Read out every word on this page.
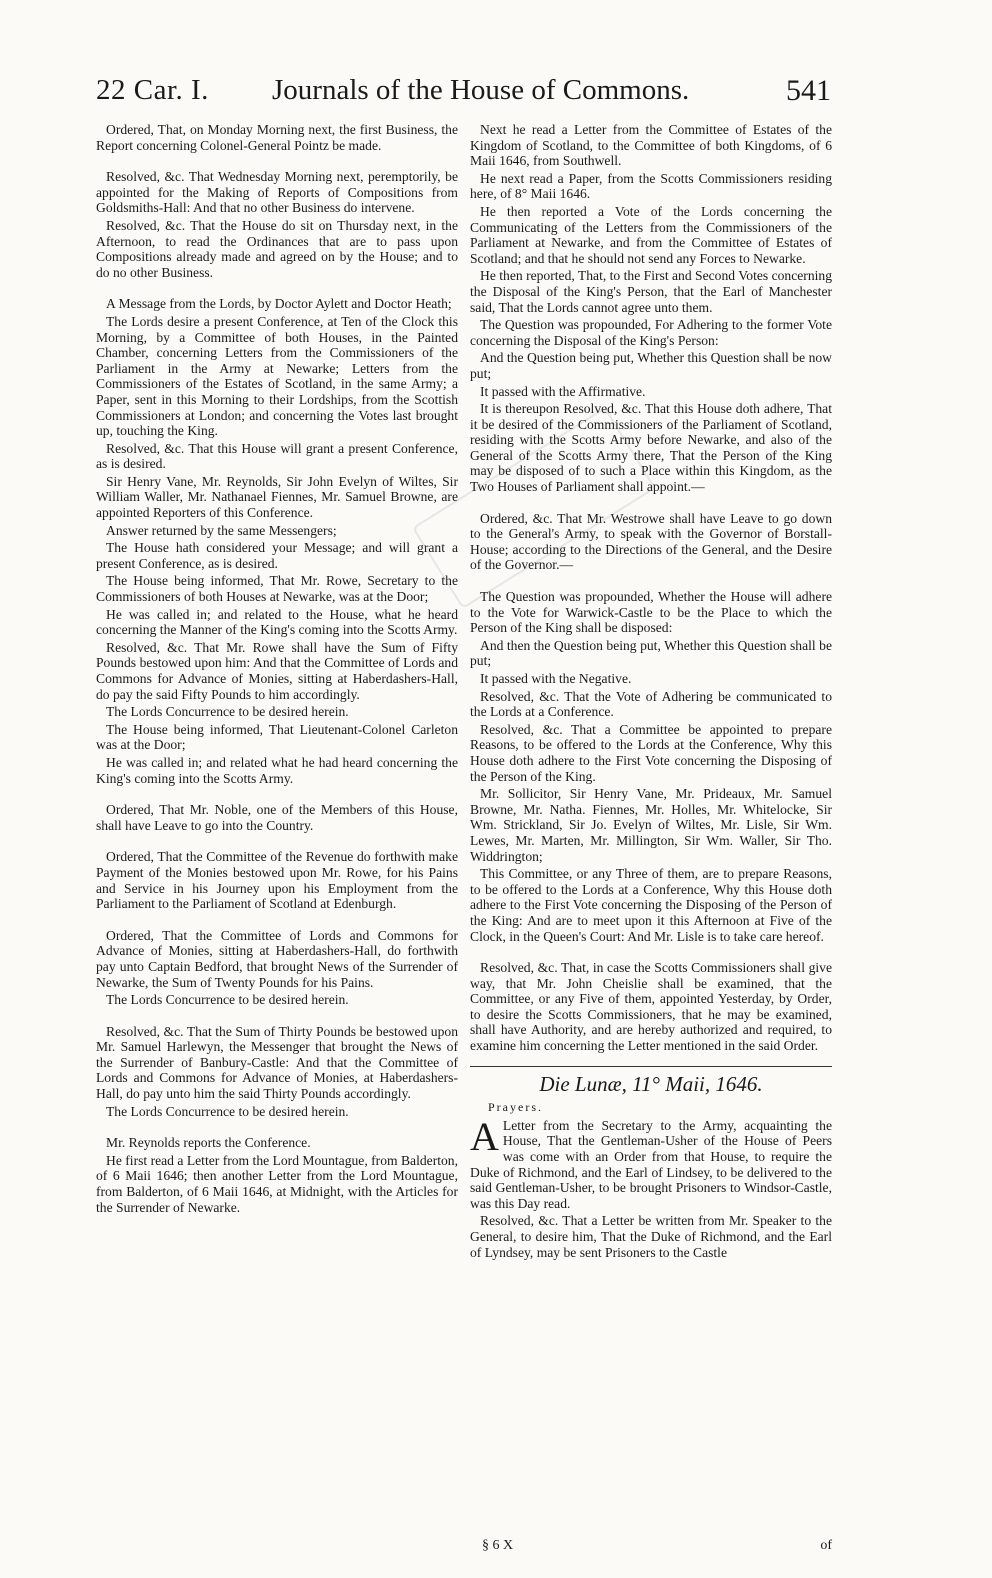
22 Car. I. Journals of the House of Commons.	541

Ordered, That, on Monday Morning next, the first Business, the Report concerning Colonel-General Pointz be made.

Resolved, &c. That Wednesday Morning next, peremptorily, be appointed for the Making of Reports of Compositions from Goldsmiths-Hall: And that no other Business do intervene.

Resolved, &c. That the House do sit on Thursday next, in the Afternoon, to read the Ordinances that are to pass upon Compositions already made and agreed on by the House; and to do no other Business.

A Message from the Lords, by Doctor Aylett and Doctor Heath;

The Lords desire a present Conference, at Ten of the Clock this Morning, by a Committee of both Houses, in the Painted Chamber, concerning Letters from the Commissioners of the Parliament in the Army at Newarke; Letters from the Commissioners of the Estates of Scotland, in the same Army; a Paper, sent in this Morning to their Lordships, from the Scottish Commissioners at London; and concerning the Votes last brought up, touching the King.

Resolved, &c. That this House will grant a present Conference, as is desired.

Sir Henry Vane, Mr. Reynolds, Sir John Evelyn of Wiltes, Sir William Waller, Mr. Nathanael Fiennes, Mr. Samuel Browne, are appointed Reporters of this Conference.

Answer returned by the same Messengers;

The House hath considered your Message; and will grant a present Conference, as is desired.

The House being informed, That Mr. Rowe, Secretary to the Commissioners of both Houses at Newarke, was at the Door;

He was called in; and related to the House, what he heard concerning the Manner of the King's coming into the Scotts Army.

Resolved, &c. That Mr. Rowe shall have the Sum of Fifty Pounds bestowed upon him: And that the Committee of Lords and Commons for Advance of Monies, sitting at Haberdashers-Hall, do pay the said Fifty Pounds to him accordingly.

The Lords Concurrence to be desired herein.

The House being informed, That Lieutenant-Colonel Carleton was at the Door;

He was called in; and related what he had heard concerning the King's coming into the Scotts Army.

Ordered, That Mr. Noble, one of the Members of this House, shall have Leave to go into the Country.

Ordered, That the Committee of the Revenue do forthwith make Payment of the Monies bestowed upon Mr. Rowe, for his Pains and Service in his Journey upon his Employment from the Parliament to the Parliament of Scotland at Edenburgh.

Ordered, That the Committee of Lords and Commons for Advance of Monies, sitting at Haberdashers-Hall, do forthwith pay unto Captain Bedford, that brought News of the Surrender of Newarke, the Sum of Twenty Pounds for his Pains.

The Lords Concurrence to be desired herein.

Resolved, &c. That the Sum of Thirty Pounds be bestowed upon Mr. Samuel Harlewyn, the Messenger that brought the News of the Surrender of Banbury-Castle: And that the Committee of Lords and Commons for Advance of Monies, at Haberdashers-Hall, do pay unto him the said Thirty Pounds accordingly.

The Lords Concurrence to be desired herein.

Mr. Reynolds reports the Conference.

He first read a Letter from the Lord Mountague, from Balderton, of 6 Maii 1646; then another Letter from the Lord Mountague, from Balderton, of 6 Maii 1646, at Midnight, with the Articles for the Surrender of Newarke.

Next he read a Letter from the Committee of Estates of the Kingdom of Scotland, to the Committee of both Kingdoms, of 6 Maii 1646, from Southwell.

He next read a Paper, from the Scotts Commissioners residing here, of 8° Maii 1646.

He then reported a Vote of the Lords concerning the Communicating of the Letters from the Commissioners of the Parliament at Newarke, and from the Committee of Estates of Scotland; and that he should not send any Forces to Newarke.

He then reported, That, to the First and Second Votes concerning the Disposal of the King's Person, that the Earl of Manchester said, That the Lords cannot agree unto them.

The Question was propounded, For Adhering to the former Vote concerning the Disposal of the King's Person:

And the Question being put, Whether this Question shall be now put;

It passed with the Affirmative.

It is thereupon Resolved, &c. That this House doth adhere, That it be desired of the Commissioners of the Parliament of Scotland, residing with the Scotts Army before Newarke, and also of the General of the Scotts Army there, That the Person of the King may be disposed of to such a Place within this Kingdom, as the Two Houses of Parliament shall appoint.—

Ordered, &c. That Mr. Westrowe shall have Leave to go down to the General's Army, to speak with the Governor of Borstall-House; according to the Directions of the General, and the Desire of the Governor.—

The Question was propounded, Whether the House will adhere to the Vote for Warwick-Castle to be the Place to which the Person of the King shall be disposed:

And then the Question being put, Whether this Question shall be put;

It passed with the Negative.

Resolved, &c. That the Vote of Adhering be communicated to the Lords at a Conference.

Resolved, &c. That a Committee be appointed to prepare Reasons, to be offered to the Lords at the Conference, Why this House doth adhere to the First Vote concerning the Disposing of the Person of the King.

Mr. Sollicitor, Sir Henry Vane, Mr. Prideaux, Mr. Samuel Browne, Mr. Natha. Fiennes, Mr. Holles, Mr. Whitelocke, Sir Wm. Strickland, Sir Jo. Evelyn of Wiltes, Mr. Lisle, Sir Wm. Lewes, Mr. Marten, Mr. Millington, Sir Wm. Waller, Sir Tho. Widdrington;

This Committee, or any Three of them, are to prepare Reasons, to be offered to the Lords at a Conference, Why this House doth adhere to the First Vote concerning the Disposing of the Person of the King: And are to meet upon it this Afternoon at Five of the Clock, in the Queen's Court: And Mr. Lisle is to take care hereof.

Resolved, &c. That, in case the Scotts Commissioners shall give way, that Mr. John Cheislie shall be examined, that the Committee, or any Five of them, appointed Yesterday, by Order, to desire the Scotts Commissioners, that he may be examined, shall have Authority, and are hereby authorized and required, to examine him concerning the Letter mentioned in the said Order.

Die Lunæ, 11° Maii, 1646.
Prayers.

A Letter from the Secretary to the Army, acquainting the House, That the Gentleman-Usher of the House of Peers was come with an Order from that House, to require the Duke of Richmond, and the Earl of Lindsey, to be delivered to the said Gentleman-Usher, to be brought Prisoners to Windsor-Castle, was this Day read.

Resolved, &c. That a Letter be written from Mr. Speaker to the General, to desire him, That the Duke of Richmond, and the Earl of Lyndsey, may be sent Prisoners to the Castle

§ 6 X	of
